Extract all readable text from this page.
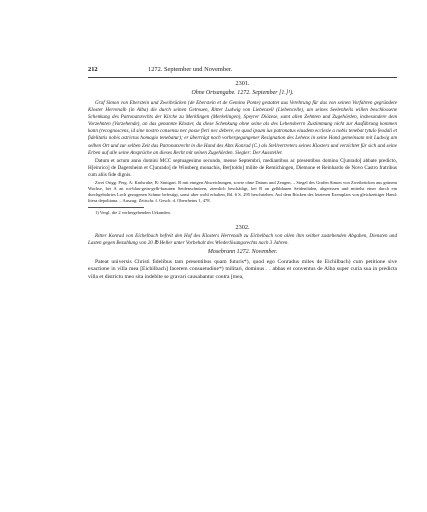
212	1272. September und November.
2301.
Ohne Ortsangabe. 1272. September [1.]¹).

Graf Simon von Eberstein und Zweibrücken (de Eberstein et de Gemino Ponte) gestattet aus Verehrung für das von seinen Vorfahren gegründete Kloster Herrenalb (in Alba) die durch seinen Getreuen, Ritter Ludwig von Liebenzell (Liebencelle), um seines Seelenheils willen beschlossene Schenkung des Patronatsrechts der Kirche zu Merklingen (Merkelingen), Speyrer Diözese, samt allen Zehnten und Zugehörden, insbesondere dem Vorzehnten (Vorzehende), an das genannte Kloster, da diese Schenkung ohne seine als des Lehensherrn Zustimmung nicht zur Ausführung kommen kann (recognoscens, id sine nostro consensu nec posse fieri nec debere, eo quod ipsum ius patronatus eiusdem ecclesie a nobis tenebat tytulo feodali et fidelitatis nobis astrictus homagio tenebatur); er überträgt nach vorhergegangener Resignation des Lehens in seine Hand gemeinsam mit Ludwig am selben Ort und zur selben Zeit das Patronatsrecht in die Hand des Abts Konrad (C.) als Stellvertreters seines Klosters und verzichtet für sich und seine Erben auf alle seine Ansprüche an dieses Recht mit seinen Zugehörden. Siegler: Der Aussteller.

Datum et actum anno domini MCC septuagesimo secundo, mense Septembri, mediantibus ac presentibus domino C[unrado] abbate predicto, H[einrico] de Dagersheim et C[unrado] de Winsberg monachis, Ber[toldo] milite de Remichingen, Diemone et Reinhardo de Novo Castro fratribus cum aliis fide dignis.

Zwei Origg. Perg. A: Karlsruhe; B: Stuttgart. B mit einigen Abweichungen, sowie ohne Datum und Zeugen. – Siegel des Grafen Simon von Zweibrücken aus grünem Wachse, bei A an rot-blau-grün-gelb-braunen Seidenschnüren, ziemlich beschädigt, bei B an gelbblauen Seidenfäden, abgerissen und mittelst einer durch ein durchgebohrtes Loch gezogenen Schnur befestigt, sonst aber wohl erhalten, Bd. 6 S. 295 beschrieben. Auf dem Rücken des letzteren Exemplars von gleichzeitiger Hand: litera depolitana. – Auszug: Zeitschr. f. Gesch. d. Oberrheins 1, 478.

1) Vergl. die 2 vorhergehenden Urkunden.
2302.

Ritter Konrad von Eichelbach befreit den Hof des Klosters Herrenalb zu Eichelbach von allen ihm seither zustehenden Abgaben, Diensten und Lasten gegen Bezahlung von 20 ℔ Heller unter Vorbehalt des Wiederlösungsrechts nach 3 Jahren.

Mosebrunn 1272. November.

Pateat universis Christi fidelibus tam presentibus quam futuris*), quod ego Conradus miles de Eichilbach) cum petitione sive exactione in villa mea [Eichilbach] facerem consuetudine*) militari, dominus . . abbas et conventus de Alba super curia sua in predicta villa et districtu meo sita indebite se gravari causabantur contra [mea,
